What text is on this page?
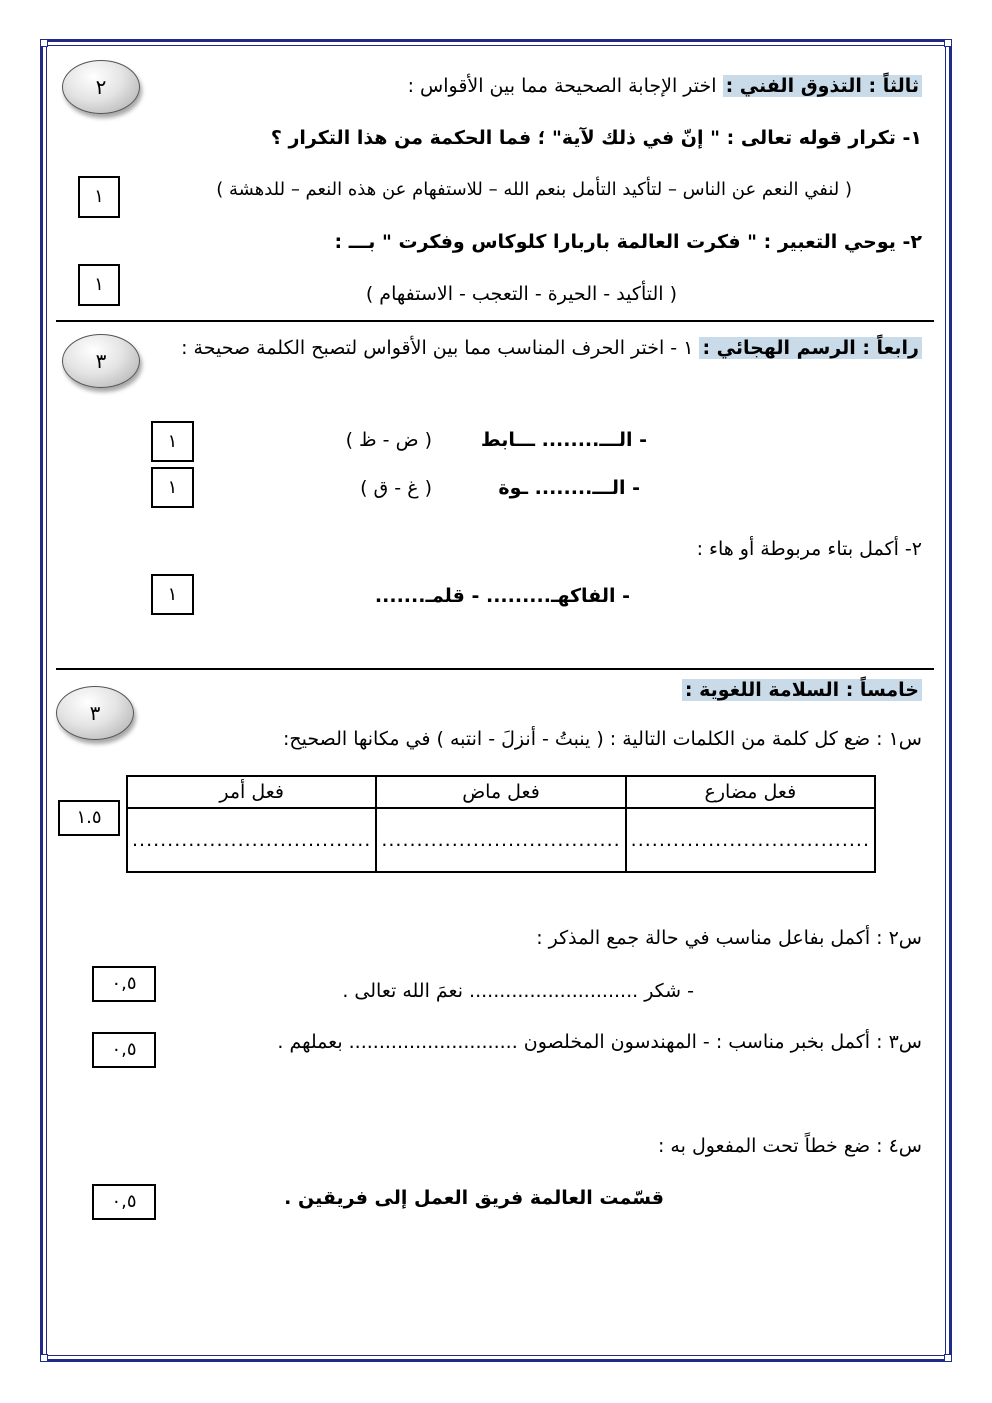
٢	ثالثاً : التذوق الفني : اختر الإجابة الصحيحة مما بين الأقواس :
١- تكرار قوله تعالى : " إنّ في ذلك لآية" ؛ فما الحكمة من هذا التكرار ؟
( لنفي النعم عن الناس – لتأكيد التأمل بنعم الله – للاستفهام عن هذه النعم – للدهشة )
١
٢- يوحي التعبير : " فكرت العالمة باربارا كلوكاس وفكرت " بـــ :
( التأكيد - الحيرة - التعجب - الاستفهام )
١
٣
رابعاً : الرسم الهجائي : ١ - اختر الحرف المناسب مما بين الأقواس لتصبح الكلمة صحيحة :
- الـــ........ ـــابط
( ض - ظ )
١
- الـــ........ ـوة
( غ - ق )
١
٢- أكمل بتاء مربوطة أو هاء :
- الفاكهـ......... - قلمـ.......
١
٣
خامساً : السلامة اللغوية :
س١ : ضع كل كلمة من الكلمات التالية : ( ينبتُ - أنزلَ - انتبه ) في مكانها الصحيح:
١.٥
فعل مضارع	فعل ماض	فعل أمر
..................................	..................................	..................................
س٢ : أكمل بفاعل مناسب في حالة جمع المذكر :
- شكر ............................ نعمَ الله تعالى .
٠,٥
س٣ : أكمل بخبر مناسب : - المهندسون المخلصون ............................ بعملهم .
٠,٥
س٤ : ضع خطاً تحت المفعول به :
قسّمت العالمة فريق العمل إلى فريقين .
٠,٥
